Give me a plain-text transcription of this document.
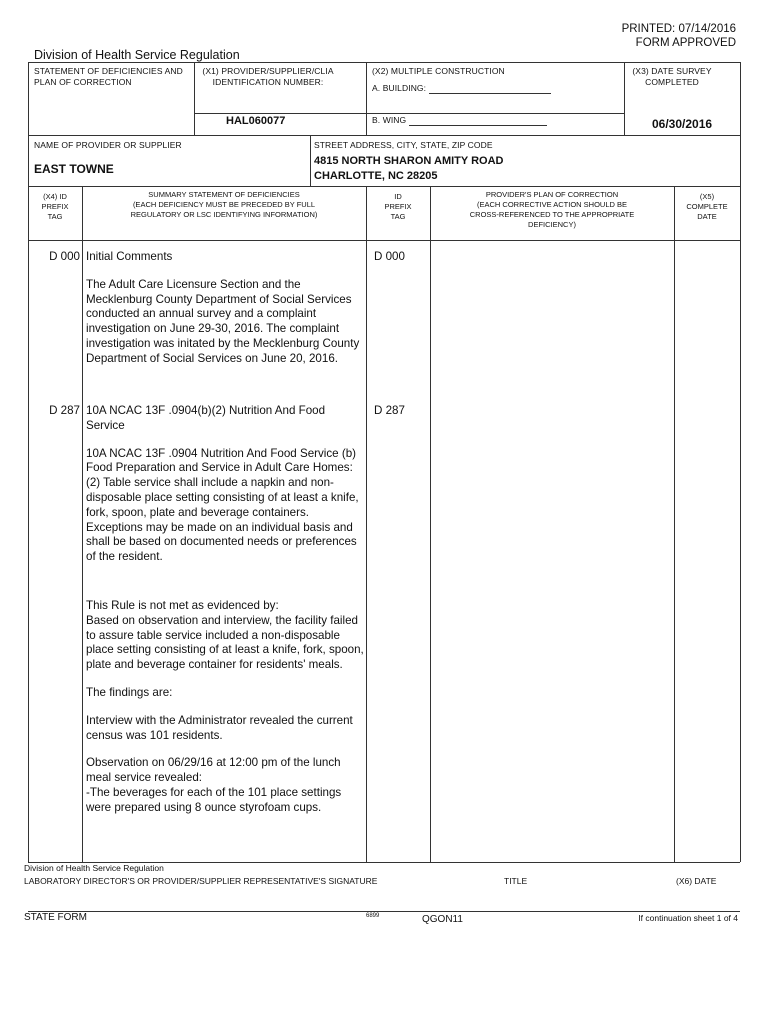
PRINTED: 07/14/2016
FORM APPROVED
Division of Health Service Regulation
STATEMENT OF DEFICIENCIES AND PLAN OF CORRECTION
(X1) PROVIDER/SUPPLIER/CLIA IDENTIFICATION NUMBER:
HAL060077
(X2) MULTIPLE CONSTRUCTION
A. BUILDING:
B. WING
(X3) DATE SURVEY COMPLETED
06/30/2016
NAME OF PROVIDER OR SUPPLIER
EAST TOWNE
STREET ADDRESS, CITY, STATE, ZIP CODE
4815 NORTH SHARON AMITY ROAD
CHARLOTTE, NC 28205
(X4) ID
PREFIX
TAG
SUMMARY STATEMENT OF DEFICIENCIES
(EACH DEFICIENCY MUST BE PRECEDED BY FULL
REGULATORY OR LSC IDENTIFYING INFORMATION)
ID
PREFIX
TAG
PROVIDER'S PLAN OF CORRECTION
(EACH CORRECTIVE ACTION SHOULD BE
CROSS-REFERENCED TO THE APPROPRIATE
DEFICIENCY)
(X5)
COMPLETE
DATE
D 000	D 000
Initial Comments
The Adult Care Licensure Section and the Mecklenburg County Department of Social Services conducted an annual survey and a complaint investigation on June 29-30, 2016. The complaint investigation was initated by the Mecklenburg County Department of Social Services on June 20, 2016.
D 287	D 287
10A NCAC 13F .0904(b)(2) Nutrition And Food Service
10A NCAC 13F .0904 Nutrition And Food Service (b) Food Preparation and Service in Adult Care Homes:
(2) Table service shall include a napkin and non-disposable place setting consisting of at least a knife, fork, spoon, plate and beverage containers. Exceptions may be made on an individual basis and shall be based on documented needs or preferences of the resident.
This Rule is not met as evidenced by:
Based on observation and interview, the facility failed to assure table service included a non-disposable place setting consisting of at least a knife, fork, spoon, plate and beverage container for residents' meals.
The findings are:
Interview with the Administrator revealed the current census was 101 residents.
Observation on 06/29/16 at 12:00 pm of the lunch meal service revealed:
-The beverages for each of the 101 place settings were prepared using 8 ounce styrofoam cups.
Division of Health Service Regulation
LABORATORY DIRECTOR'S OR PROVIDER/SUPPLIER REPRESENTATIVE'S SIGNATURE	TITLE	(X6) DATE
STATE FORM	6899	QGON11	If continuation sheet 1 of 4
